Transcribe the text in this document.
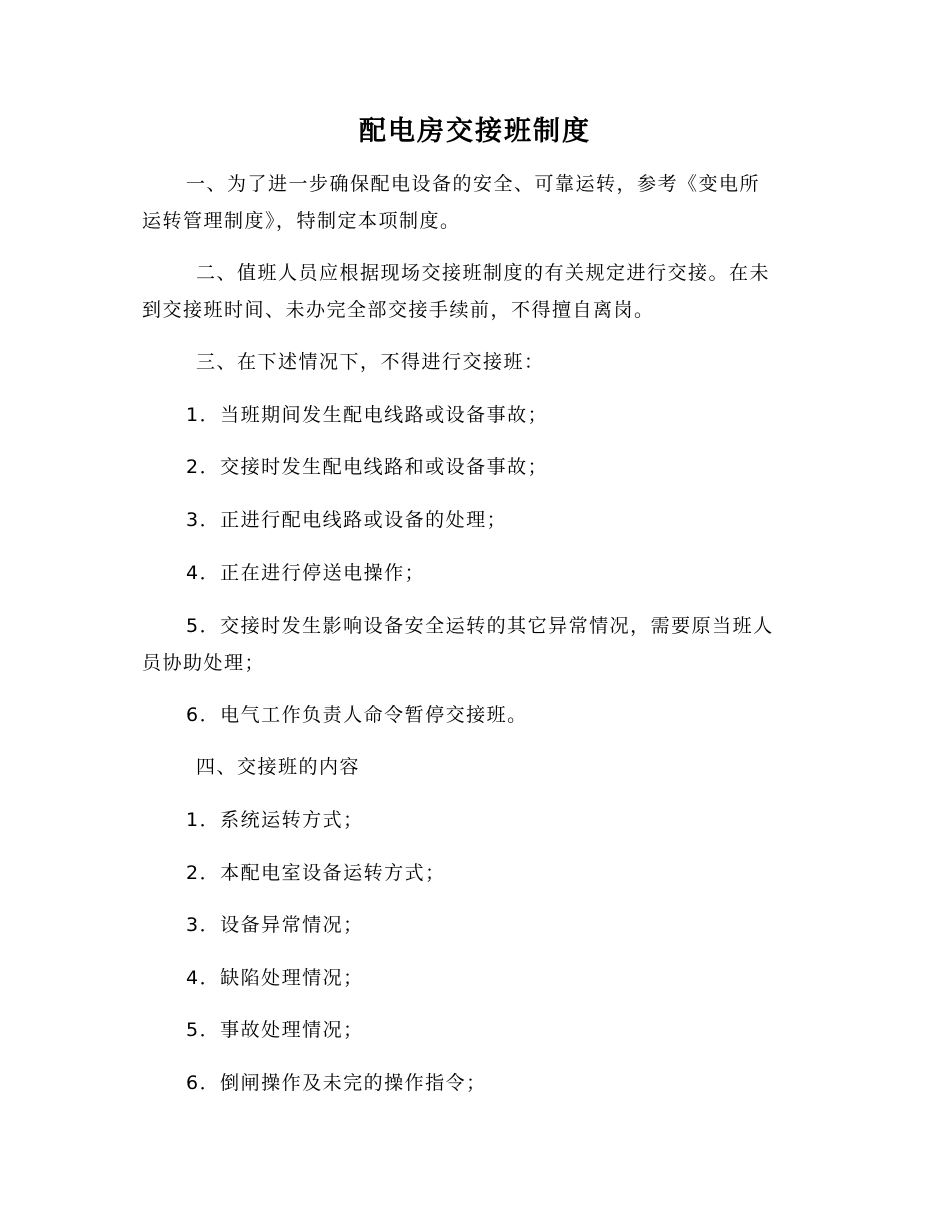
配电房交接班制度
一、为了进一步确保配电设备的安全、可靠运转，参考《变电所
运转管理制度》，特制定本项制度。
二、值班人员应根据现场交接班制度的有关规定进行交接。在未
到交接班时间、未办完全部交接手续前，不得擅自离岗。
三、在下述情况下，不得进行交接班：
1．当班期间发生配电线路或设备事故；
2．交接时发生配电线路和或设备事故；
3．正进行配电线路或设备的处理；
4．正在进行停送电操作；
5．交接时发生影响设备安全运转的其它异常情况，需要原当班人
员协助处理；
6．电气工作负责人命令暂停交接班。
四、交接班的内容
1．系统运转方式；
2．本配电室设备运转方式；
3．设备异常情况；
4．缺陷处理情况；
5．事故处理情况；
6．倒闸操作及未完的操作指令；
